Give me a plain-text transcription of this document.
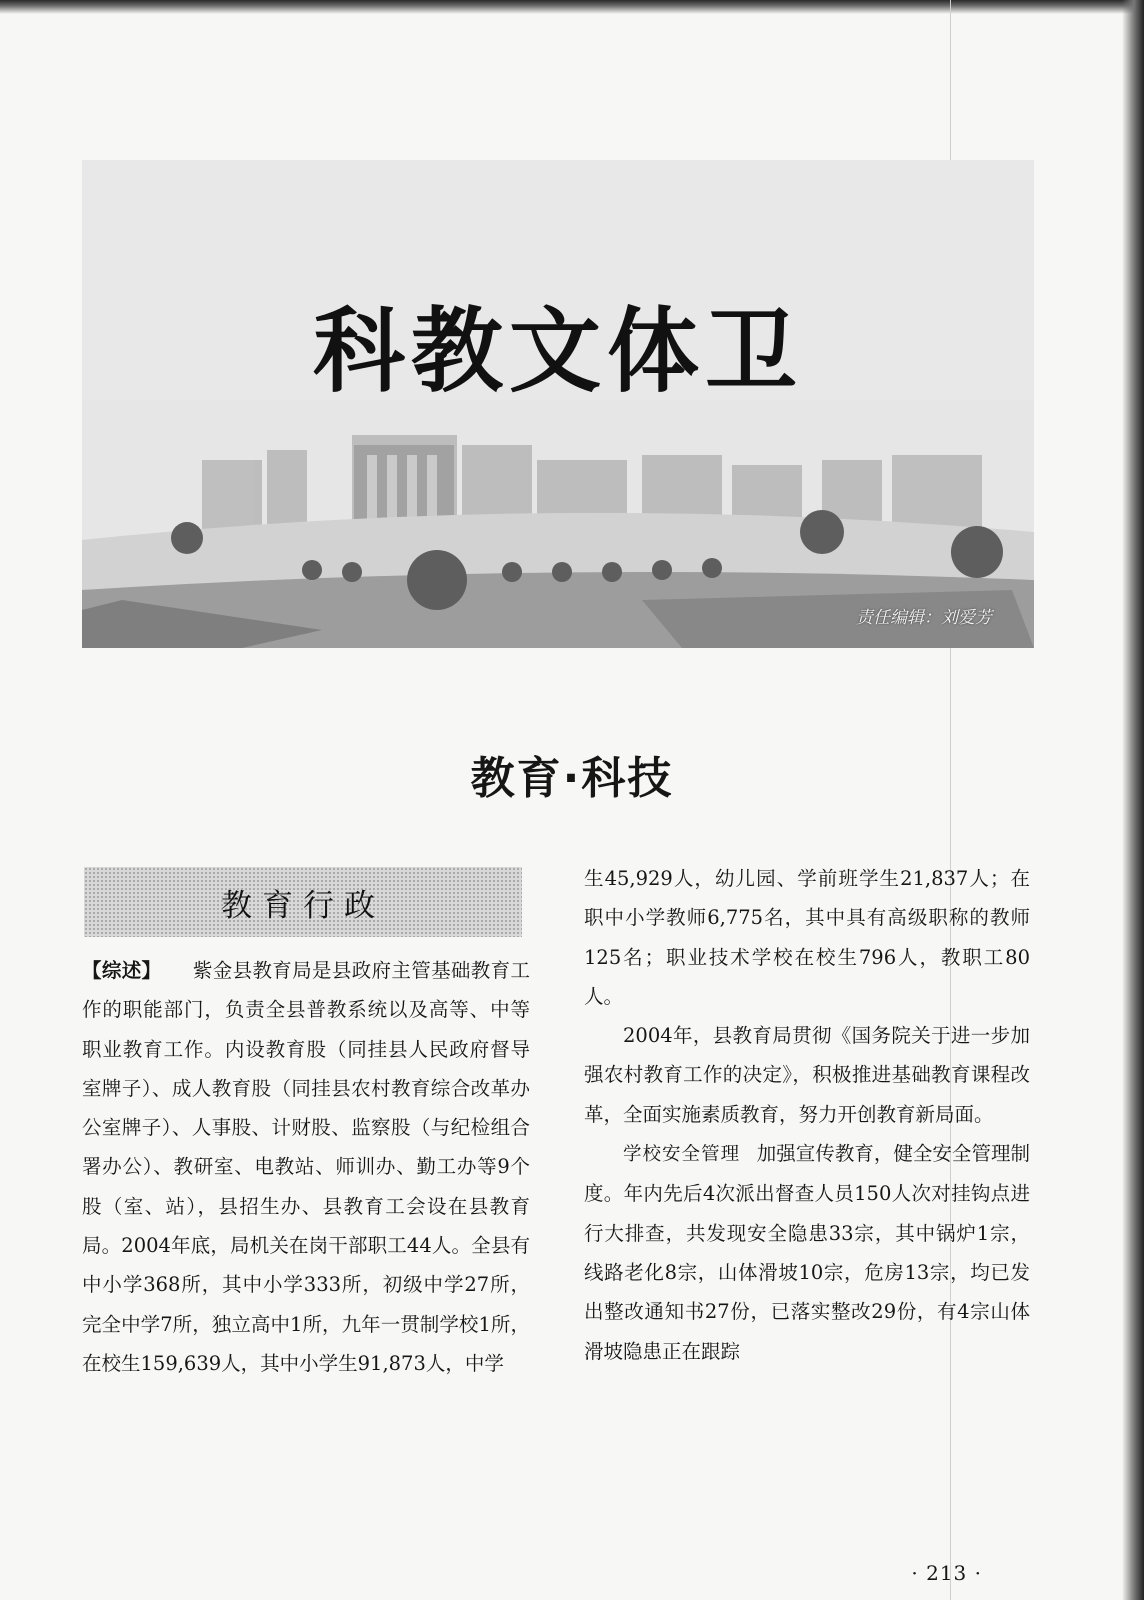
科教文体卫
责任编辑：刘爱芳
教育·科技
教育行政

【综述】 紫金县教育局是县政府主管基础教育工作的职能部门，负责全县普教系统以及高等、中等职业教育工作。内设教育股（同挂县人民政府督导室牌子）、成人教育股（同挂县农村教育综合改革办公室牌子）、人事股、计财股、监察股（与纪检组合署办公）、教研室、电教站、师训办、勤工办等9个股（室、站），县招生办、县教育工会设在县教育局。2004年底，局机关在岗干部职工44人。全县有中小学368所，其中小学333所，初级中学27所，完全中学7所，独立高中1所，九年一贯制学校1所，在校生159,639人，其中小学生91,873人，中学

生45,929人，幼儿园、学前班学生21,837人；在职中小学教师6,775名，其中具有高级职称的教师125名；职业技术学校在校生796人，教职工80人。

2004年，县教育局贯彻《国务院关于进一步加强农村教育工作的决定》，积极推进基础教育课程改革，全面实施素质教育，努力开创教育新局面。

学校安全管理 加强宣传教育，健全安全管理制度。年内先后4次派出督查人员150人次对挂钩点进行大排查，共发现安全隐患33宗，其中锅炉1宗，线路老化8宗，山体滑坡10宗，危房13宗，均已发出整改通知书27份，已落实整改29份，有4宗山体滑坡隐患正在跟踪

· 213 ·
